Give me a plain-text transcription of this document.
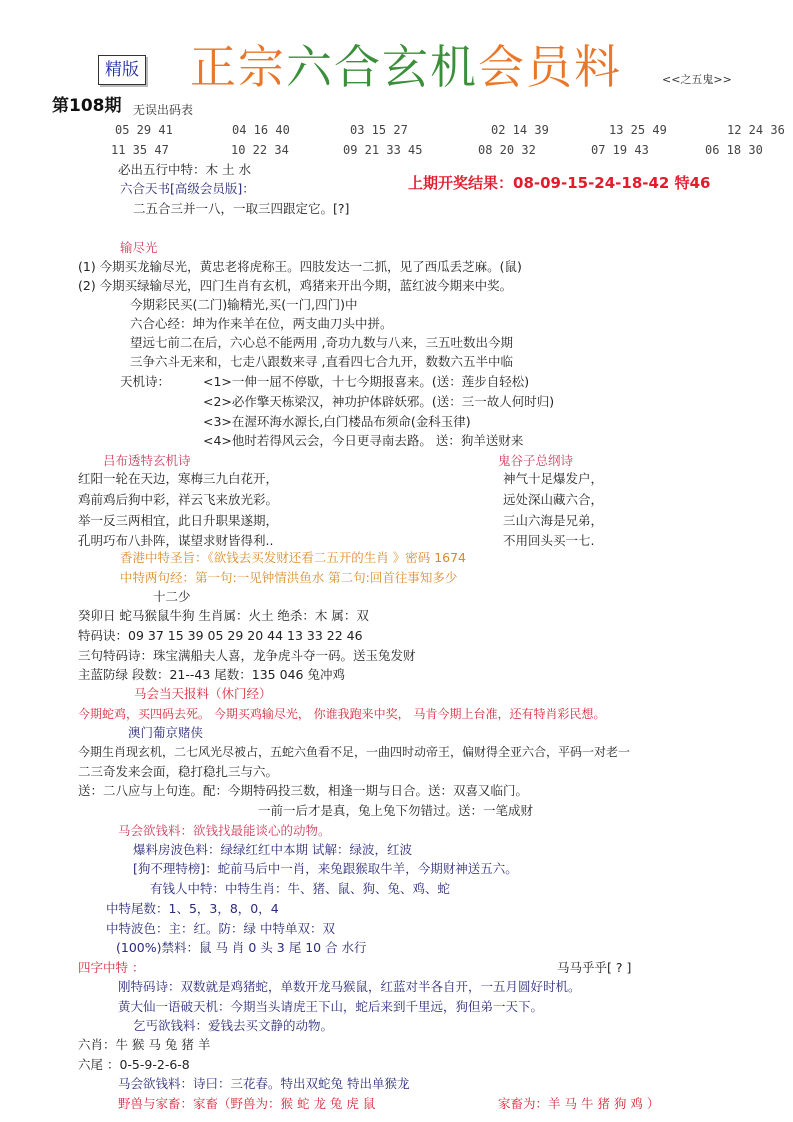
精版 正宗六合玄机会员料	<<之五鬼>>
第108期 无误出码表
05 29 41	04 16 40	03 15 27	02 14 39	13 25 49	12 24 36
11 35 47	10 22 34	09 21 33 45	08 20 32	07 19 43	06 18 30
上期开奖结果：08-09-15-24-18-42 特46
必出五行中特：木 土 水
六合天书[高级会员版]：
二五合三并一八，一取三四跟定它。[?]
输尽光
(1) 今期买龙输尽光，黄忠老将虎称王。四肢发达一二抓，见了西瓜丢芝麻。(鼠)
(2) 今期买绿输尽光，四门生肖有玄机，鸡猪来开出今期，蓝红波今期来中奖。
今期彩民买(二门)输精光,买(一门,四门)中
六合心经：坤为作来羊在位，两支曲刀头中拼。
望远七前二在后，六心总不能两用 ,奇功九数与八来，三五吐数出今期
三争六斗无来和，七走八跟数来寻 ,直看四七合九开，数数六五半中临
天机诗：	<1>一伸一屈不停歇，十七今期报喜来。(送：莲步自轻松)
<2>必作擎天栋梁汉，神功护体辟妖邪。(送：三一故人何时归)
<3>在渥环海水源长,白门楼品布须命(金科玉律)
<4>他时若得风云会，今日更寻南去路。 送：狗羊送财来
吕布透特玄机诗
红阳一轮在天边，寒梅三九白花开，
鸡前鸡后狗中彩，祥云飞来放光彩。
举一反三两相宜，此日升职果遂期，
孔明巧布八卦阵，谋望求财皆得利..
鬼谷子总纲诗
神气十足爆发户，
远处深山藏六合，
三山六海是兄弟，
不用回头买一七.
香港中特圣旨：《欲钱去买发财还看二五开的生肖 》密码 1674
中特两句经：第一句:一见钟情洪鱼水 第二句:回首往事知多少
十二少
癸卯日 蛇马猴鼠牛狗 生肖属：火土 绝杀：木 属：双
特码诀：09 37 15 39 05 29 20 44 13 33 22 46
三句特码诗：珠宝满船夫人喜，龙争虎斗夺一码。送玉兔发财
主蓝防绿 段数：21--43 尾数：135 046 兔冲鸡
马会当天报料（休门经）
今期蛇鸡，买四码去死。 今期买鸡输尽光， 你谁我跑来中奖， 马肯今期上台准，还有特肖彩民想。
澳门葡京赌侠
今期生肖现玄机，二七风光尽被占，五蛇六鱼看不足，一曲四时动帝王，偏财得全亚六合，平码一对老一
二三奇发来会面，稳打稳扎三与六。
送：二八应与上句连。配：今期特码投三数，相逢一期与日合。送：双喜又临门。
一前一后才是真，兔上兔下勿错过。送：一笔成财
马会欲钱料：欲钱找最能谈心的动物。
爆料房波色料：绿绿红红中本期 试解：绿波，红波
[狗不理特榜]：蛇前马后中一肖，来兔跟猴取牛羊，今期财神送五六。
有钱人中特：中特生肖：牛、猪、鼠、狗、兔、鸡、蛇
中特尾数：1、5，3，8，0，4
中特波色：主：红。防：绿 中特单双：双
(100%)禁料：鼠 马 肖 0 头 3 尾 10 合 水行
四字中特 ：	马马乎乎[ ? ]
刚特码诗：双数就是鸡猪蛇，单数开龙马猴鼠，红蓝对半各自开，一五月圆好时机。
黄大仙一语破天机：今期当头请虎王下山，蛇后来到千里远，狗但弟一天下。
乞丐欲钱料：爱钱去买文静的动物。
六肖：牛 猴 马 兔 猪 羊
六尾 ：0-5-9-2-6-8
马会欲钱料：诗曰：三花春。特出双蛇兔 特出单猴龙
野兽与家畜：家畜（野兽为：猴 蛇 龙 兔 虎 鼠	家畜为：羊 马 牛 猪 狗 鸡 ）
